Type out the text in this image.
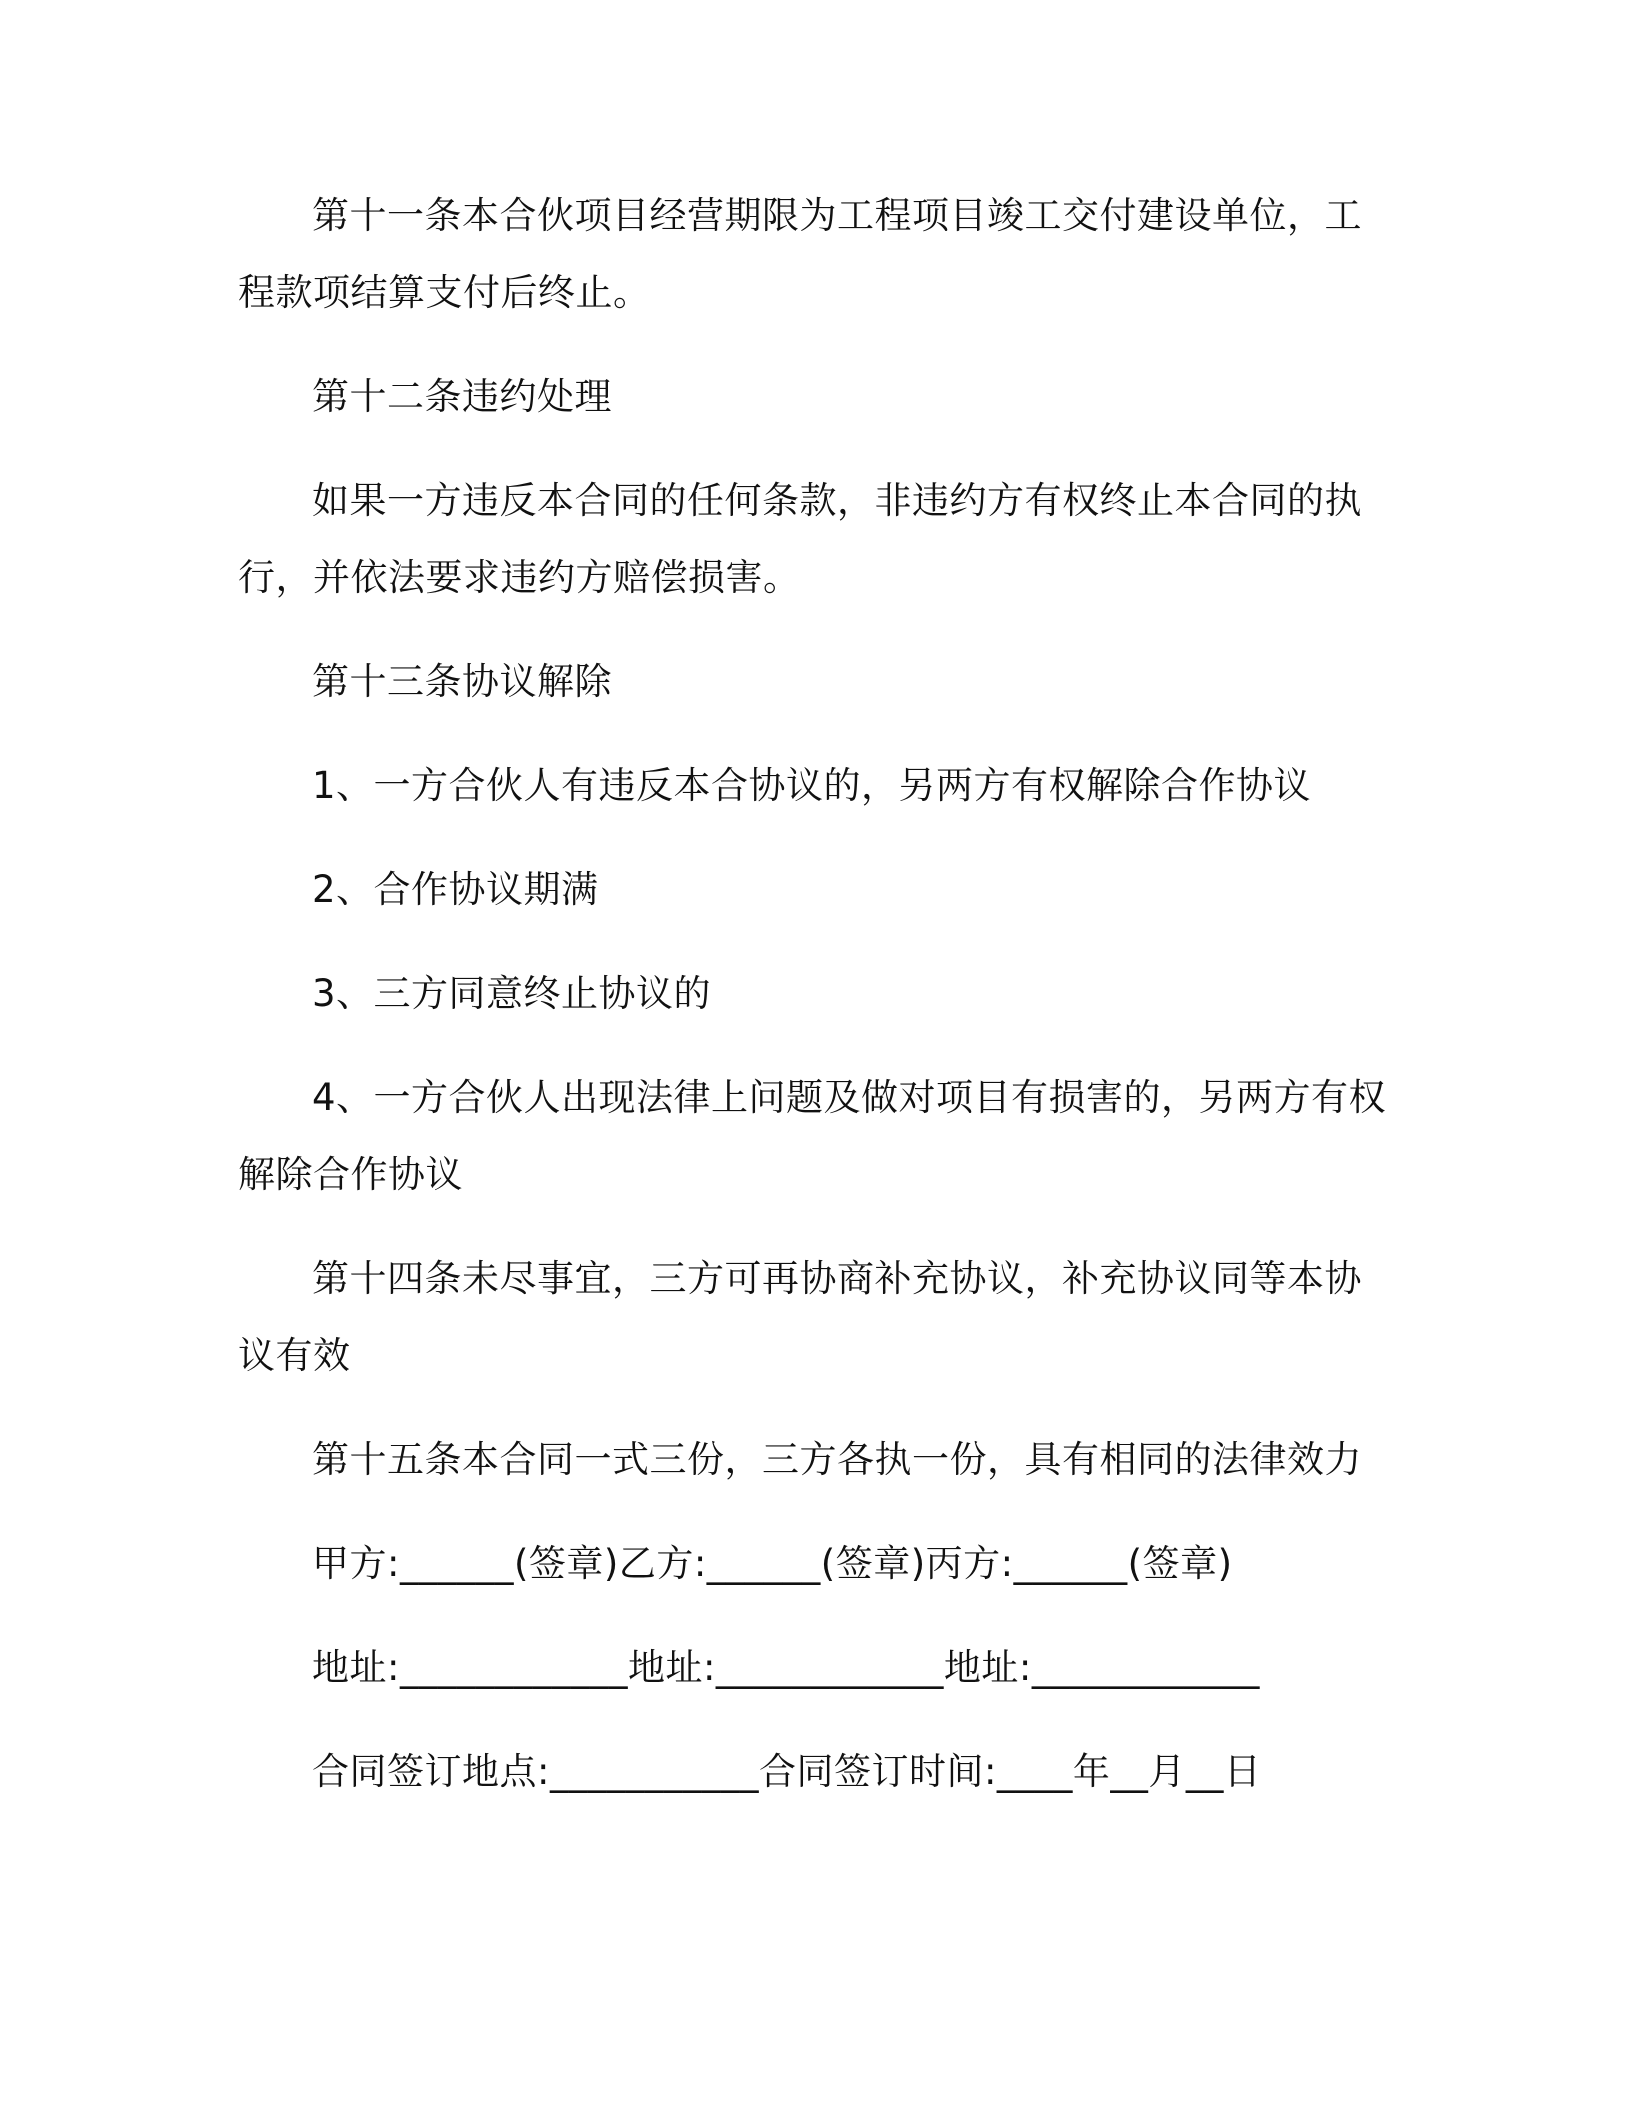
第十一条本合伙项目经营期限为工程项目竣工交付建设单位，工
程款项结算支付后终止。
第十二条违约处理
如果一方违反本合同的任何条款，非违约方有权终止本合同的执
行，并依法要求违约方赔偿损害。
第十三条协议解除
1、一方合伙人有违反本合协议的，另两方有权解除合作协议
2、合作协议期满
3、三方同意终止协议的
4、一方合伙人出现法律上问题及做对项目有损害的，另两方有权
解除合作协议
第十四条未尽事宜，三方可再协商补充协议，补充协议同等本协
议有效
第十五条本合同一式三份，三方各执一份，具有相同的法律效力
甲方:______(签章)乙方:______(签章)丙方:______(签章)
地址:____________地址:____________地址:____________
合同签订地点:___________合同签订时间:____年__月__日
